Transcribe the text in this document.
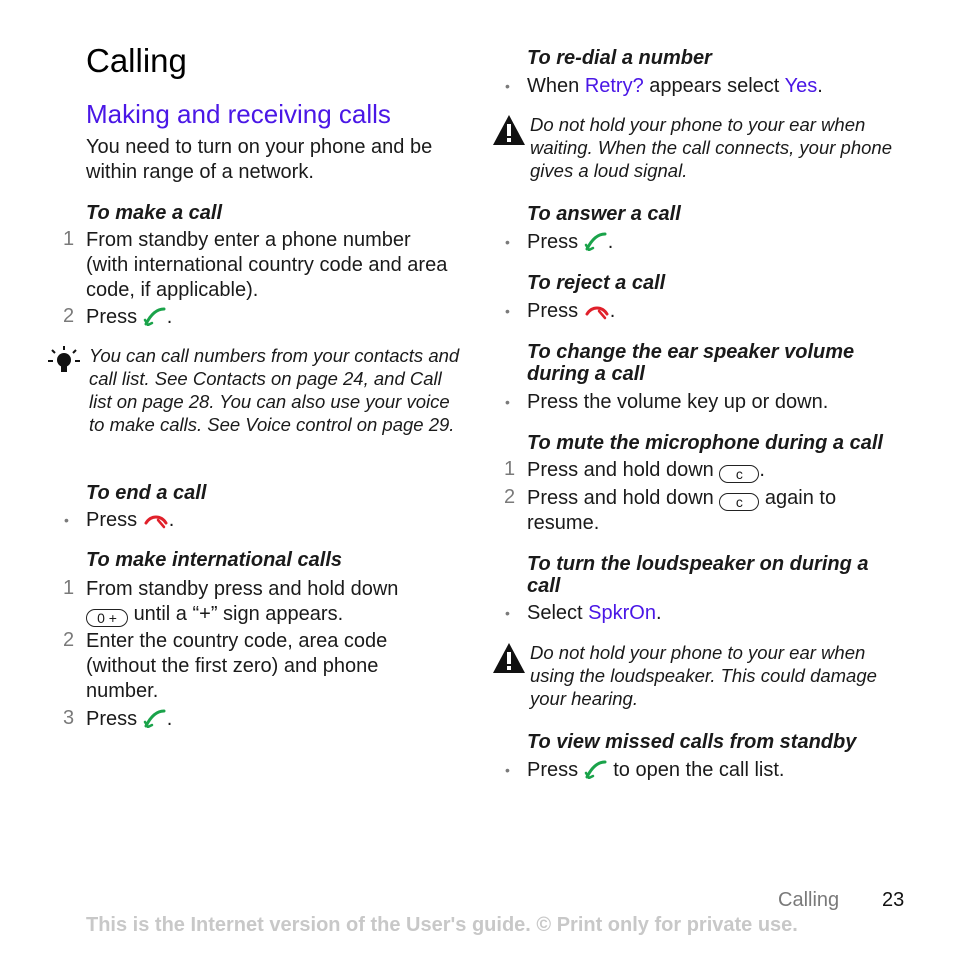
Calling
Making and receiving calls
You need to turn on your phone and be within range of a network.
To make a call
1 From standby enter a phone number (with international country code and area code, if applicable).
2 Press .
You can call numbers from your contacts and call list. See Contacts on page 24, and Call list on page 28. You can also use your voice to make calls. See Voice control on page 29.
To end a call
• Press .
To make international calls
1 From standby press and hold down
0 + until a “+” sign appears.
2 Enter the country code, area code (without the first zero) and phone number.
3 Press .
To re-dial a number
• When Retry? appears select Yes.
Do not hold your phone to your ear when waiting. When the call connects, your phone gives a loud signal.
To answer a call
• Press .
To reject a call
• Press .
To change the ear speaker volume during a call
• Press the volume key up or down.
To mute the microphone during a call
1 Press and hold down c .
2 Press and hold down c again to resume.
To turn the loudspeaker on during a call
• Select SpkrOn.
Do not hold your phone to your ear when using the loudspeaker. This could damage your hearing.
To view missed calls from standby
• Press to open the call list.
Calling 23
This is the Internet version of the User's guide. © Print only for private use.
